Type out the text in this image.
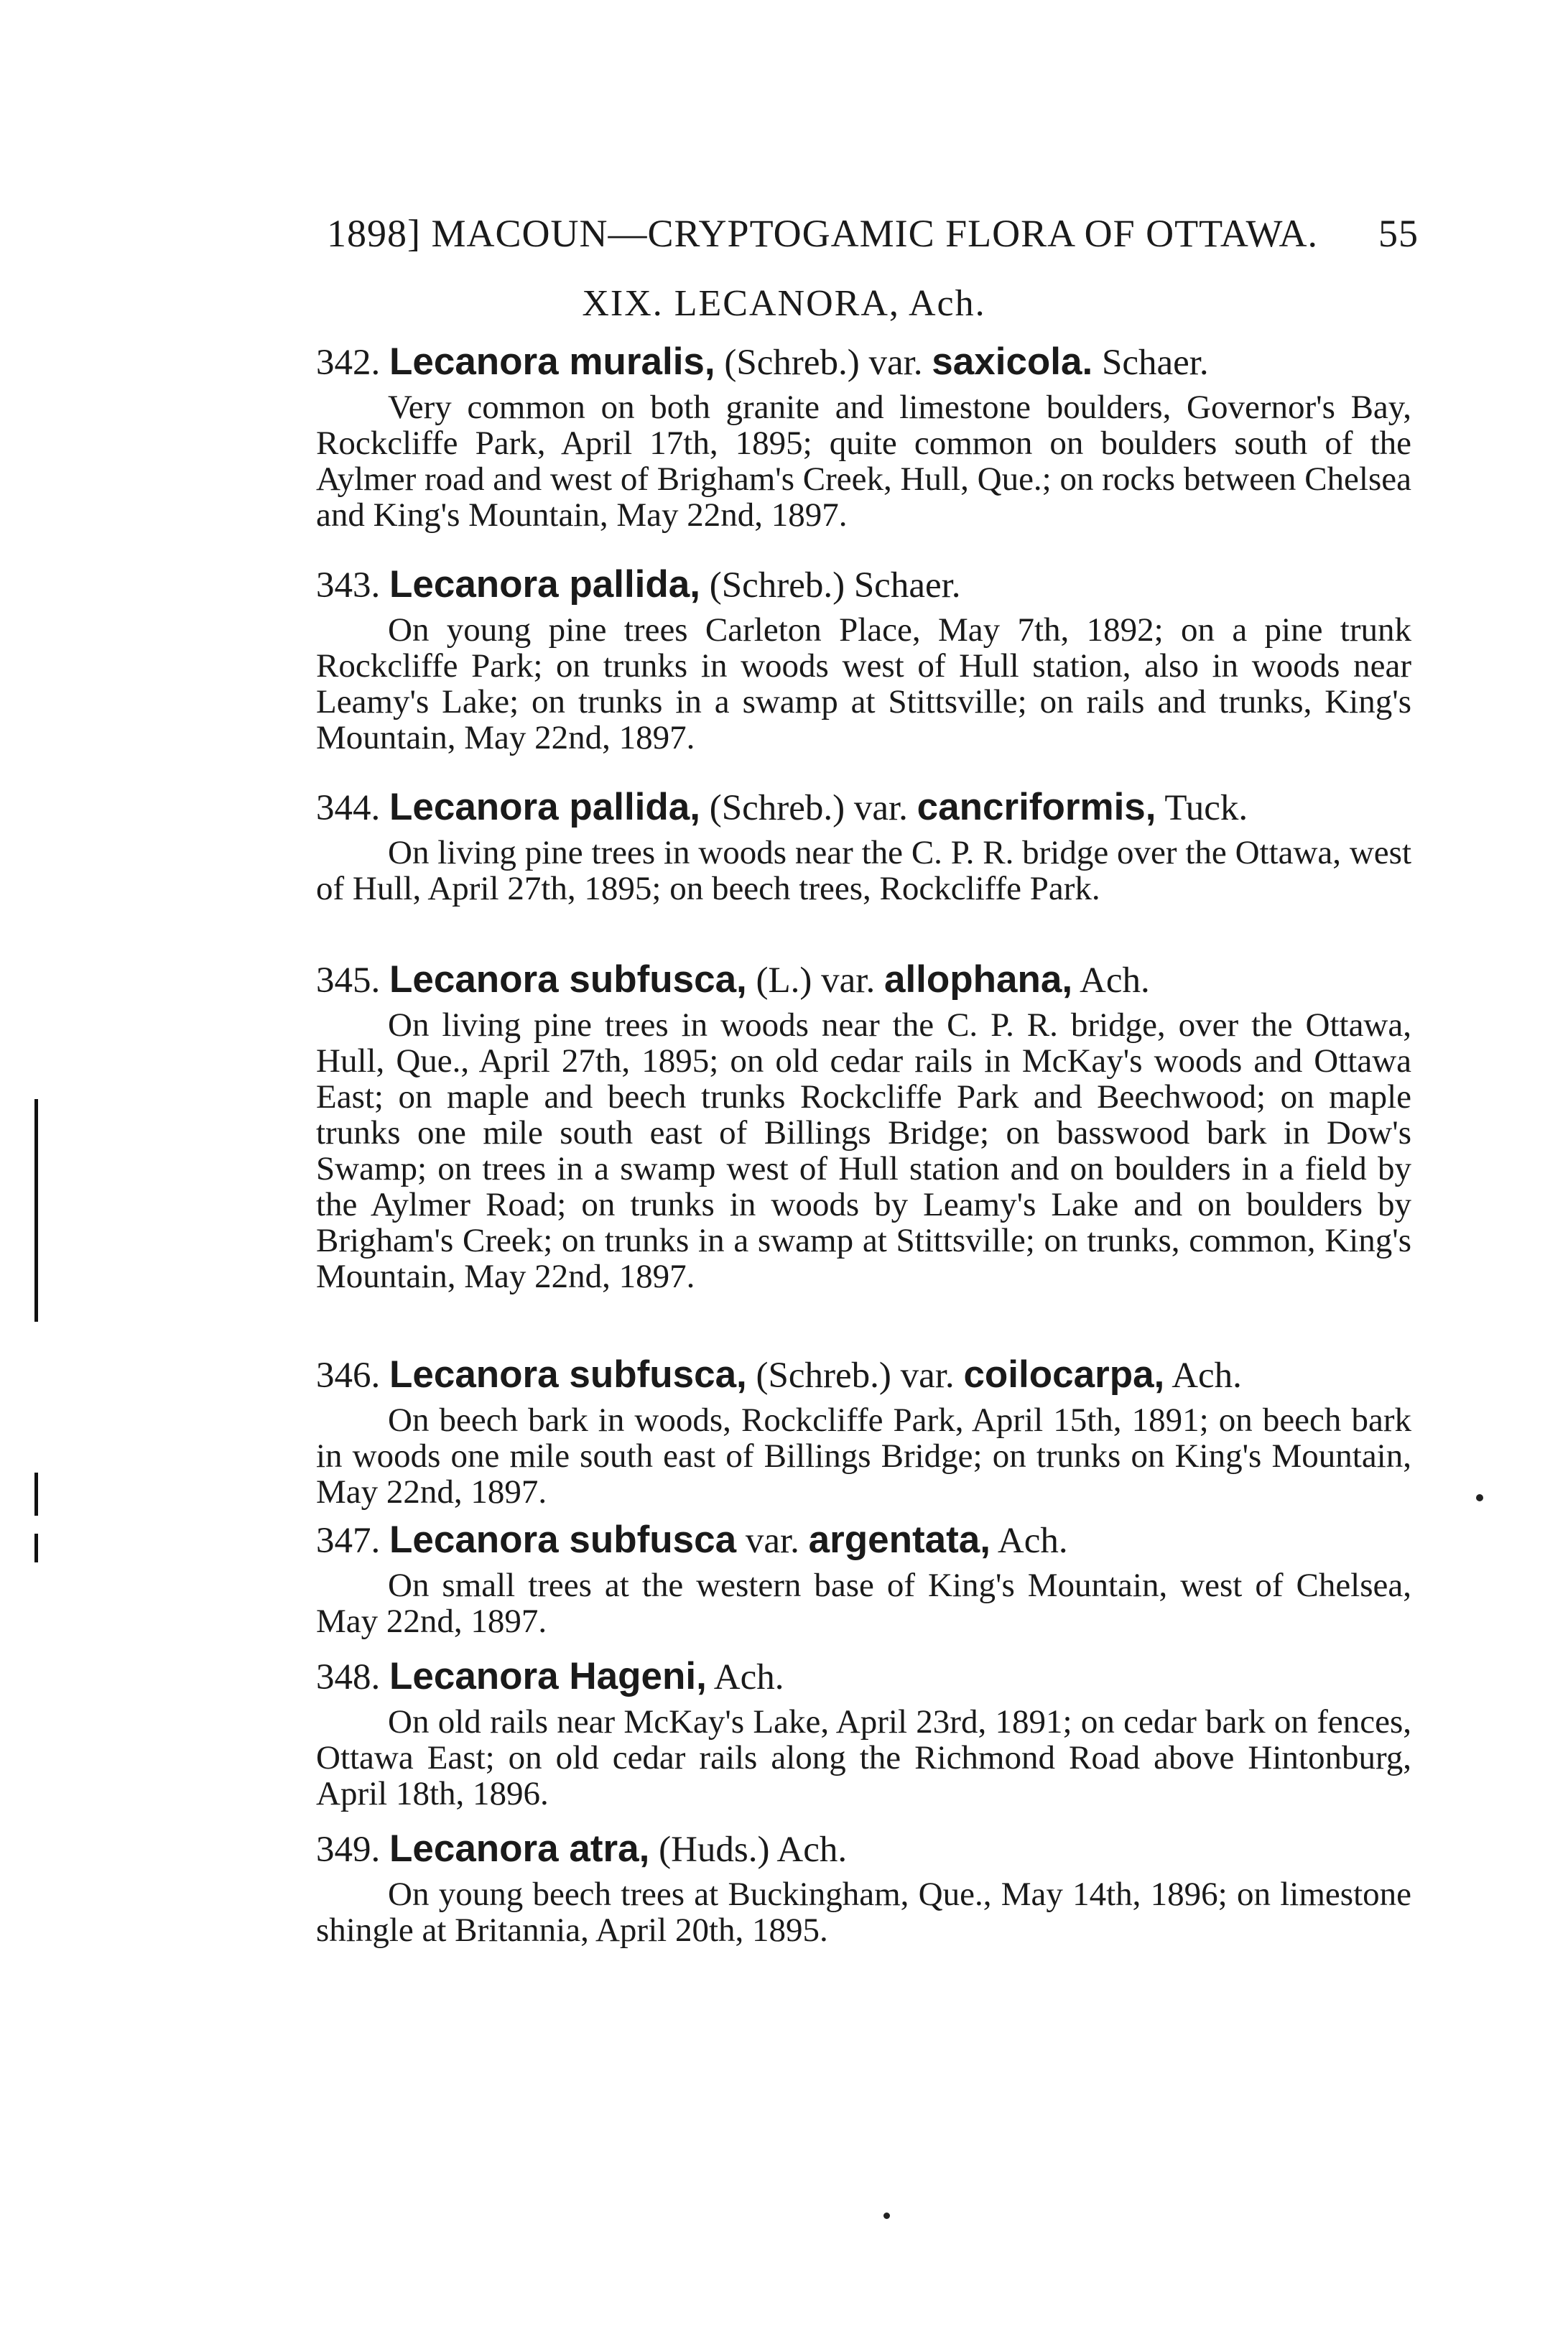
1898] MACOUN—CRYPTOGAMIC FLORA OF OTTAWA. 55
XIX. LECANORA, Ach.
342. Lecanora muralis, (Schreb.) var. saxicola. Schaer.
Very common on both granite and limestone boulders, Governor's Bay, Rockcliffe Park, April 17th, 1895; quite common on boulders south of the Aylmer road and west of Brigham's Creek, Hull, Que.; on rocks between Chelsea and King's Mountain, May 22nd, 1897.
343. Lecanora pallida, (Schreb.) Schaer.
On young pine trees Carleton Place, May 7th, 1892; on a pine trunk Rockcliffe Park; on trunks in woods west of Hull station, also in woods near Leamy's Lake; on trunks in a swamp at Stittsville; on rails and trunks, King's Mountain, May 22nd, 1897.
344. Lecanora pallida, (Schreb.) var. cancriformis, Tuck.
On living pine trees in woods near the C. P. R. bridge over the Ottawa, west of Hull, April 27th, 1895; on beech trees, Rockcliffe Park.
345. Lecanora subfusca, (L.) var. allophana, Ach.
On living pine trees in woods near the C. P. R. bridge, over the Ottawa, Hull, Que., April 27th, 1895; on old cedar rails in McKay's woods and Ottawa East; on maple and beech trunks Rockcliffe Park and Beechwood; on maple trunks one mile south east of Billings Bridge; on basswood bark in Dow's Swamp; on trees in a swamp west of Hull station and on boulders in a field by the Aylmer Road; on trunks in woods by Leamy's Lake and on boulders by Brigham's Creek; on trunks in a swamp at Stittsville; on trunks, common, King's Mountain, May 22nd, 1897.
346. Lecanora subfusca, (Schreb.) var. coilocarpa, Ach.
On beech bark in woods, Rockcliffe Park, April 15th, 1891; on beech bark in woods one mile south east of Billings Bridge; on trunks on King's Mountain, May 22nd, 1897.
347. Lecanora subfusca var. argentata, Ach.
On small trees at the western base of King's Mountain, west of Chelsea, May 22nd, 1897.
348. Lecanora Hageni, Ach.
On old rails near McKay's Lake, April 23rd, 1891; on cedar bark on fences, Ottawa East; on old cedar rails along the Richmond Road above Hintonburg, April 18th, 1896.
349. Lecanora atra, (Huds.) Ach.
On young beech trees at Buckingham, Que., May 14th, 1896; on limestone shingle at Britannia, April 20th, 1895.
